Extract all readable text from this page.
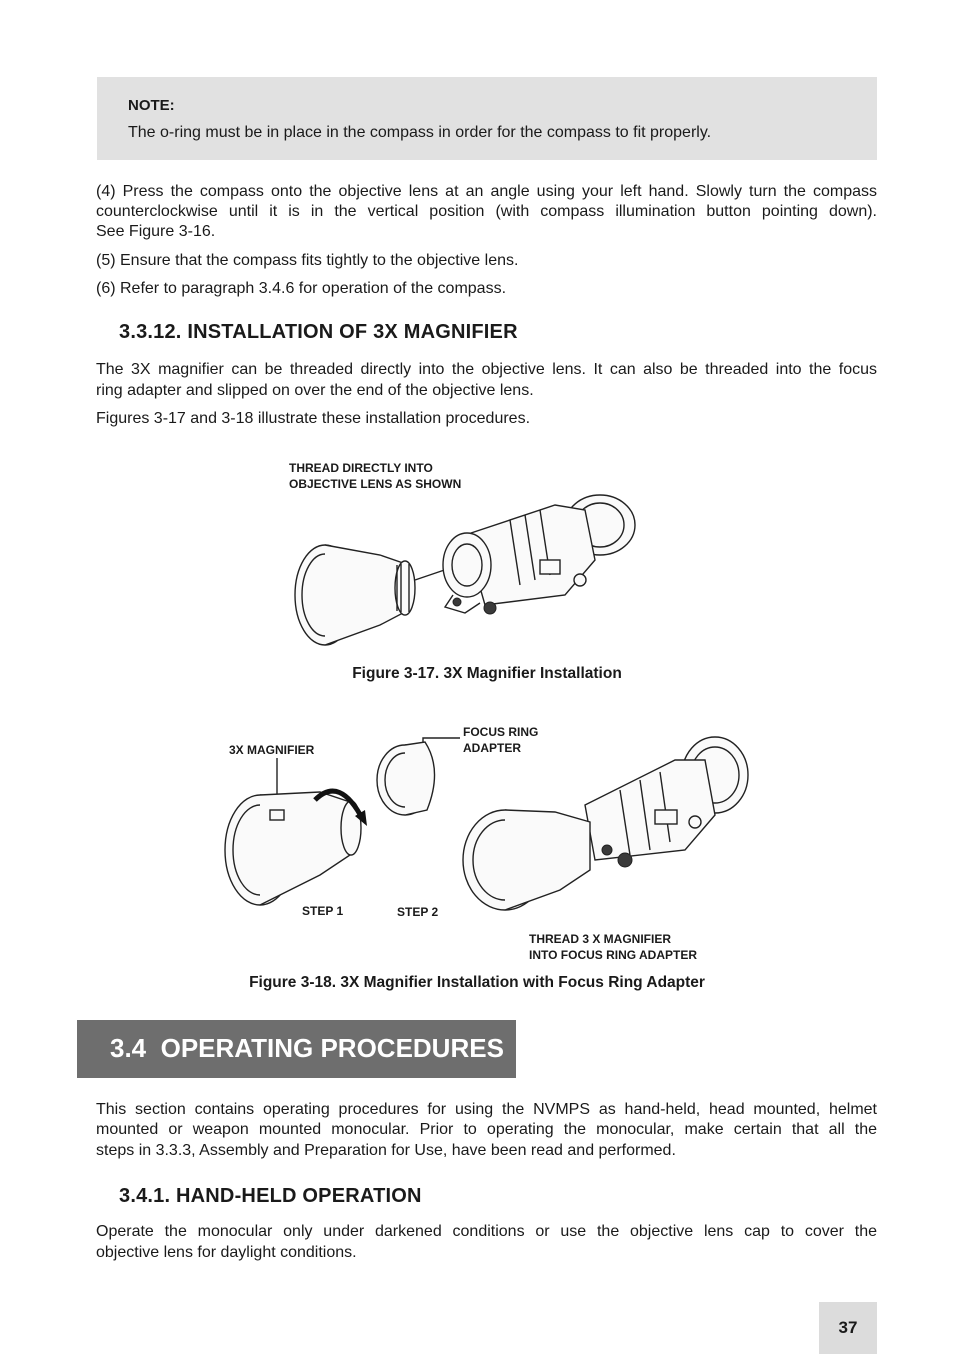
NOTE:
The o-ring must be in place in the compass in order for the compass to fit properly.
(4) Press the compass onto the objective lens at an angle using your left hand. Slowly turn the compass
counterclockwise until it is in the vertical position (with compass illumination button pointing down).
See Figure 3-16.
(5) Ensure that the compass fits tightly to the objective lens.
(6) Refer to paragraph 3.4.6 for operation of the compass.
3.3.12. INSTALLATION OF 3X MAGNIFIER
The 3X magnifier can be threaded directly into the objective lens. It can also be threaded into the focus
ring adapter and slipped on over the end of the objective lens.
Figures 3-17 and 3-18 illustrate these installation procedures.
THREAD DIRECTLY INTO
OBJECTIVE LENS AS SHOWN
Figure 3-17. 3X Magnifier Installation
3X MAGNIFIER
FOCUS RING
ADAPTER
STEP 1	STEP 2
THREAD 3 X MAGNIFIER
INTO FOCUS RING ADAPTER
Figure 3-18. 3X Magnifier Installation with Focus Ring Adapter
3.4  OPERATING PROCEDURES
This section contains operating procedures for using the NVMPS as hand-held, head mounted, helmet
mounted or weapon mounted monocular. Prior to operating the monocular, make certain that all the
steps in 3.3.3, Assembly and Preparation for Use, have been read and performed.
3.4.1. HAND-HELD OPERATION
Operate the monocular only under darkened conditions or use the objective lens cap to cover the
objective lens for daylight conditions.
37
